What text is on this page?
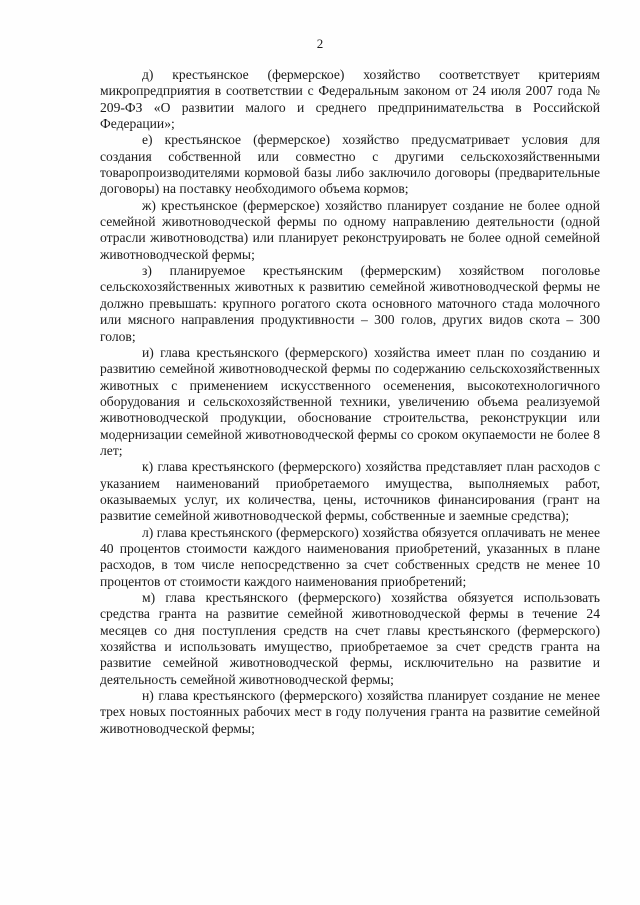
2

д) крестьянское (фермерское) хозяйство соответствует критериям микропредприятия в соответствии с Федеральным законом от 24 июля 2007 года № 209-ФЗ «О развитии малого и среднего предпринимательства в Российской Федерации»;

е) крестьянское (фермерское) хозяйство предусматривает условия для создания собственной или совместно с другими сельскохозяйственными товаропроизводителями кормовой базы либо заключило договоры (предварительные договоры) на поставку необходимого объема кормов;

ж) крестьянское (фермерское) хозяйство планирует создание не более одной семейной животноводческой фермы по одному направлению деятельности (одной отрасли животноводства) или планирует реконструировать не более одной семейной животноводческой фермы;

з) планируемое крестьянским (фермерским) хозяйством поголовье сельскохозяйственных животных к развитию семейной животноводческой фермы не должно превышать: крупного рогатого скота основного маточного стада молочного или мясного направления продуктивности – 300 голов, других видов скота – 300 голов;

и) глава крестьянского (фермерского) хозяйства имеет план по созданию и развитию семейной животноводческой фермы по содержанию сельскохозяйственных животных с применением искусственного осеменения, высокотехнологичного оборудования и сельскохозяйственной техники, увеличению объема реализуемой животноводческой продукции, обоснование строительства, реконструкции или модернизации семейной животноводческой фермы со сроком окупаемости не более 8 лет;

к) глава крестьянского (фермерского) хозяйства представляет план расходов с указанием наименований приобретаемого имущества, выполняемых работ, оказываемых услуг, их количества, цены, источников финансирования (грант на развитие семейной животноводческой фермы, собственные и заемные средства);

л) глава крестьянского (фермерского) хозяйства обязуется оплачивать не менее 40 процентов стоимости каждого наименования приобретений, указанных в плане расходов, в том числе непосредственно за счет собственных средств не менее 10 процентов от стоимости каждого наименования приобретений;

м) глава крестьянского (фермерского) хозяйства обязуется использовать средства гранта на развитие семейной животноводческой фермы в течение 24 месяцев со дня поступления средств на счет главы крестьянского (фермерского) хозяйства и использовать имущество, приобретаемое за счет средств гранта на развитие семейной животноводческой фермы, исключительно на развитие и деятельность семейной животноводческой фермы;

н) глава крестьянского (фермерского) хозяйства планирует создание не менее трех новых постоянных рабочих мест в году получения гранта на развитие семейной животноводческой фермы;
